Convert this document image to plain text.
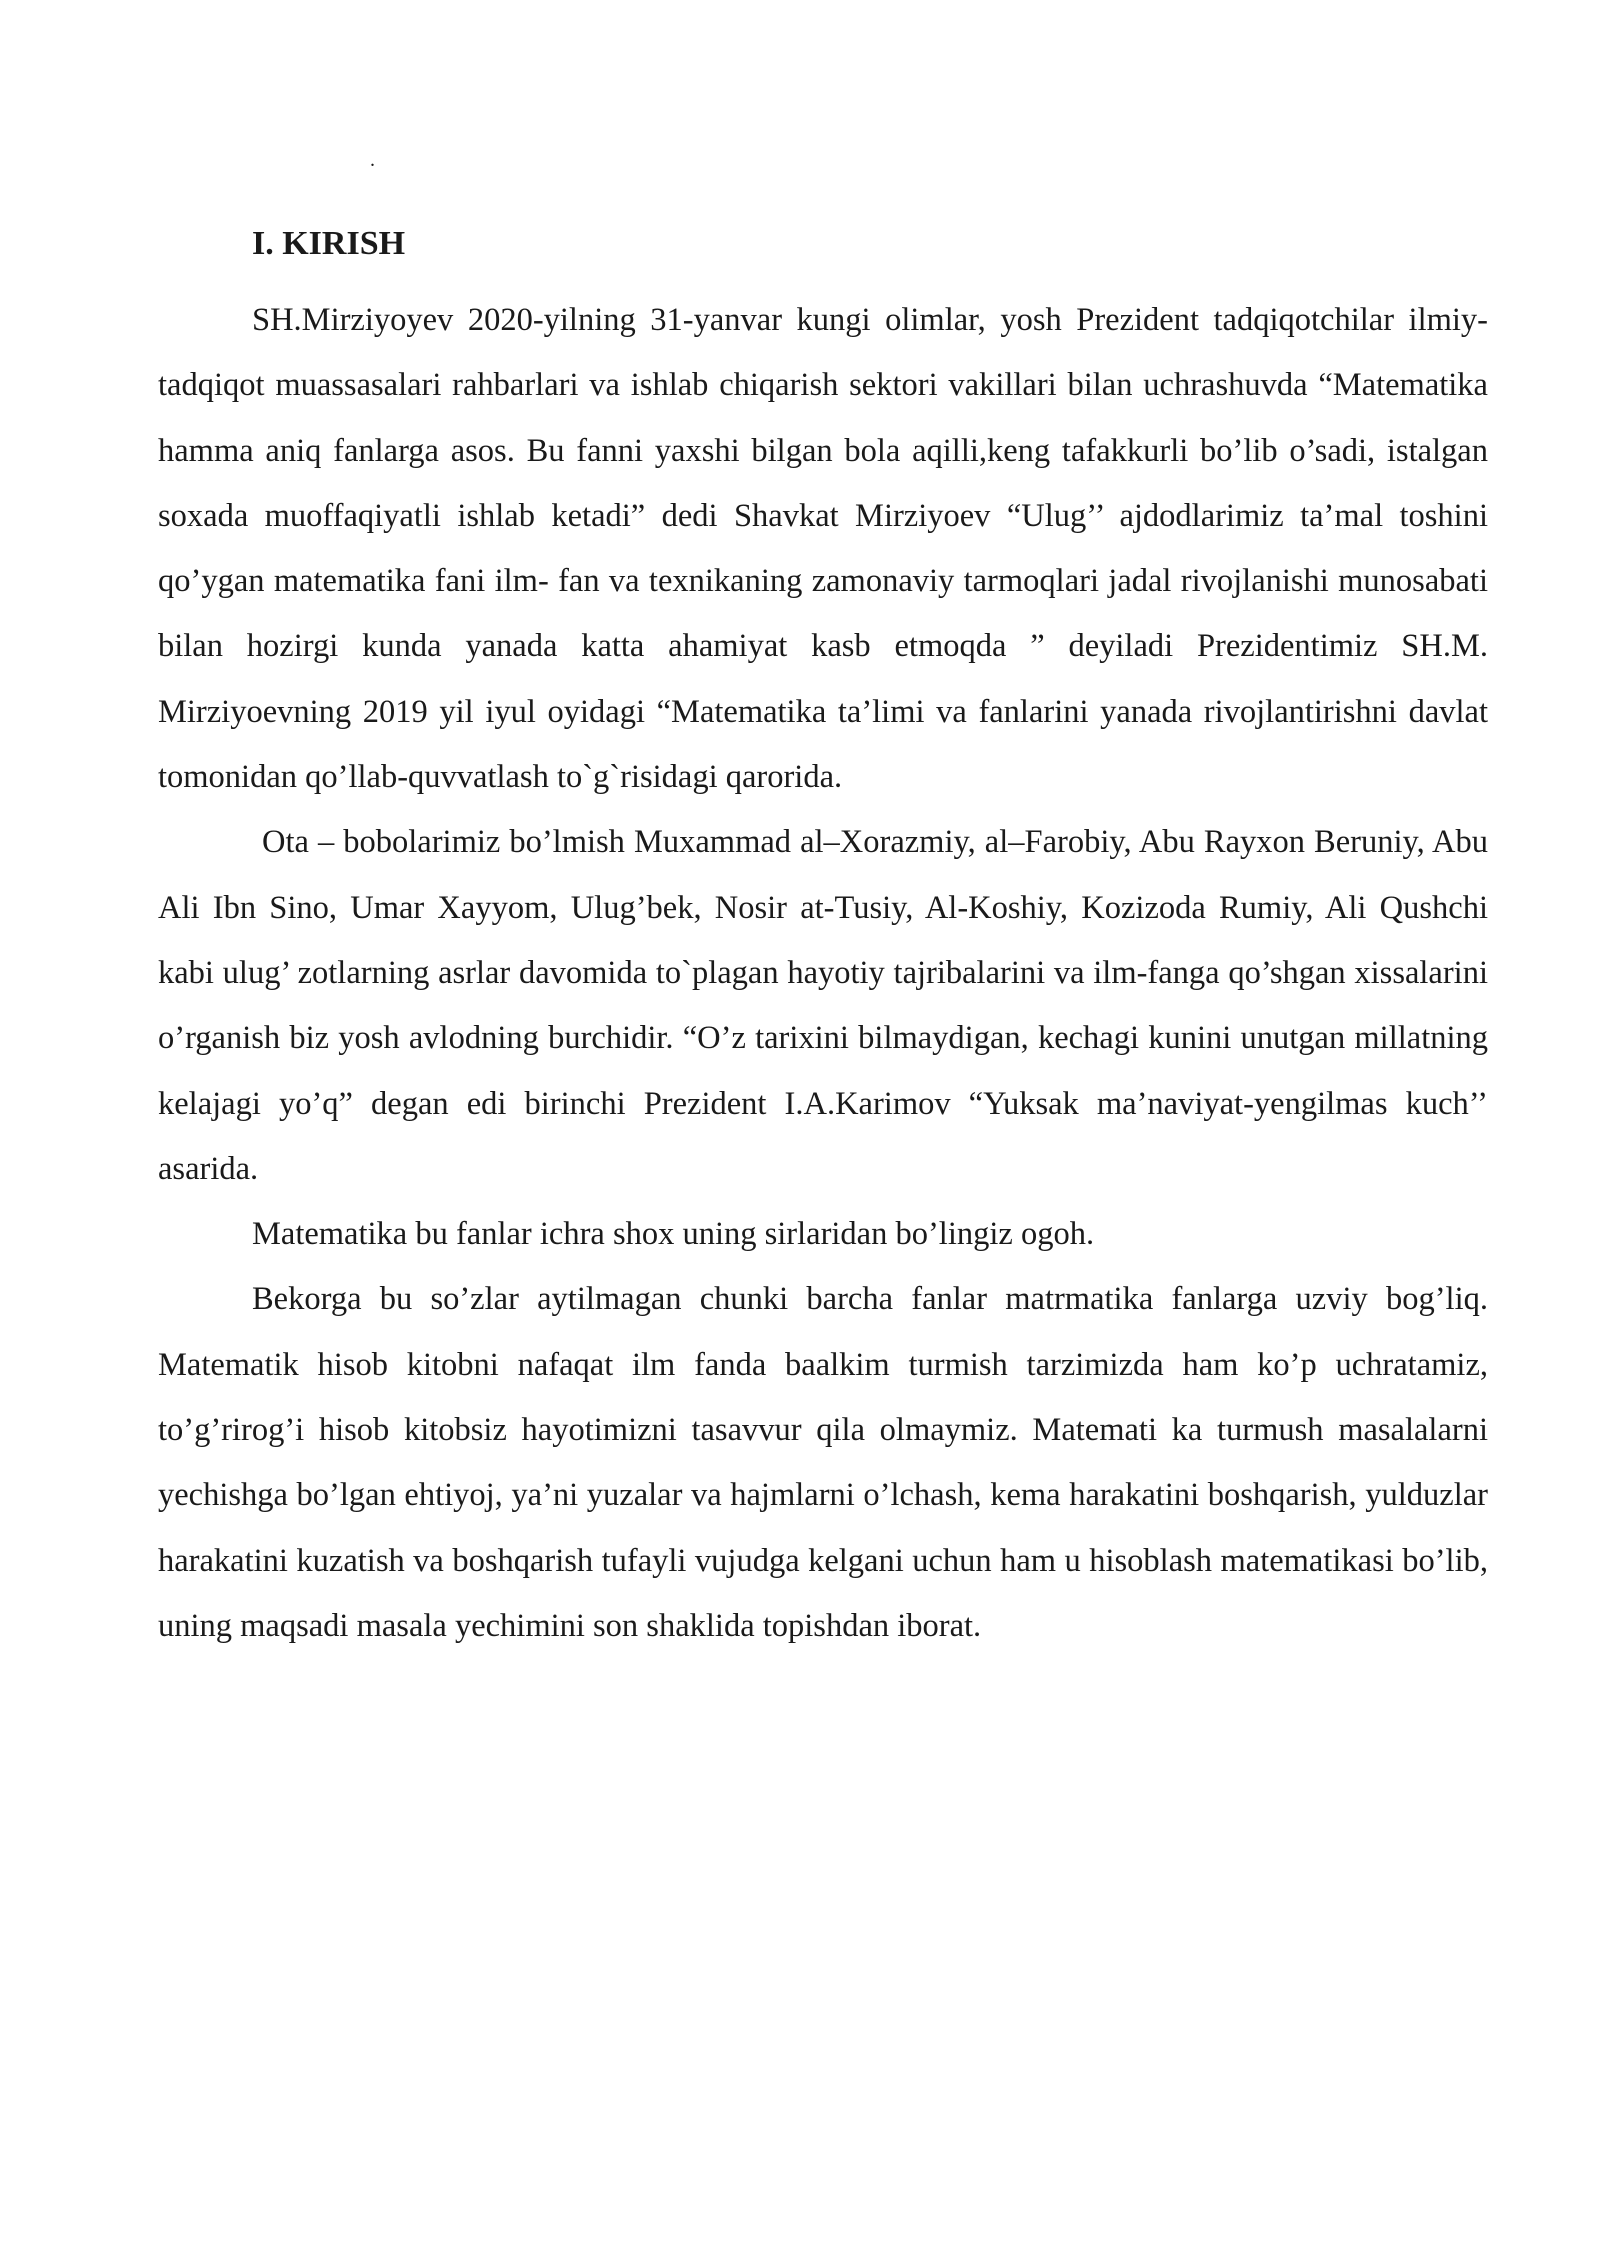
.
I. KIRISH

SH.Mirziyoyev 2020-yilning 31-yanvar kungi olimlar, yosh Prezident tadqiqotchilar ilmiy-tadqiqot muassasalari rahbarlari va ishlab chiqarish sektori vakillari bilan uchrashuvda “Matematika hamma aniq fanlarga asos. Bu fanni yaxshi bilgan bola aqilli,keng tafakkurli bo’lib o’sadi, istalgan soxada muoffaqiyatli ishlab ketadi” dedi Shavkat Mirziyoev “Ulug’’ ajdodlarimiz ta’mal toshini qo’ygan matematika fani ilm- fan va texnikaning zamonaviy tarmoqlari jadal rivojlanishi munosabati bilan hozirgi kunda yanada katta ahamiyat kasb etmoqda ” deyiladi Prezidentimiz SH.M. Mirziyoevning 2019 yil iyul oyidagi “Matematika ta’limi va fanlarini yanada rivojlantirishni davlat tomonidan qo’llab-quvvatlash to`g`risidagi qarorida.

Ota – bobolarimiz bo’lmish Muxammad al–Xorazmiy, al–Farobiy, Abu Rayxon Beruniy, Abu Ali Ibn Sino, Umar Xayyom, Ulug’bek, Nosir at-Tusiy, Al-Koshiy, Kozizoda Rumiy, Ali Qushchi kabi ulug’ zotlarning asrlar davomida to`plagan hayotiy tajribalarini va ilm-fanga qo’shgan xissalarini o’rganish biz yosh avlodning burchidir. “O’z tarixini bilmaydigan, kechagi kunini unutgan millatning kelajagi yo’q” degan edi birinchi Prezident I.A.Karimov “Yuksak ma’naviyat-yengilmas kuch’’ asarida.

Matematika bu fanlar ichra shox uning sirlaridan bo’lingiz ogoh.

Bekorga bu so’zlar aytilmagan chunki barcha fanlar matrmatika fanlarga uzviy bog’liq. Matematik hisob kitobni nafaqat ilm fanda baalkim turmish tarzimizda ham ko’p uchratamiz, to’g’rirog’i hisob kitobsiz hayotimizni tasavvur qila olmaymiz. Matemati ka turmush masalalarni yechishga bo’lgan ehtiyoj, ya’ni yuzalar va hajmlarni o’lchash, kema harakatini boshqarish, yulduzlar harakatini kuzatish va boshqarish tufayli vujudga kelgani uchun ham u hisoblash matematikasi bo’lib, uning maqsadi masala yechimini son shaklida topishdan iborat.
